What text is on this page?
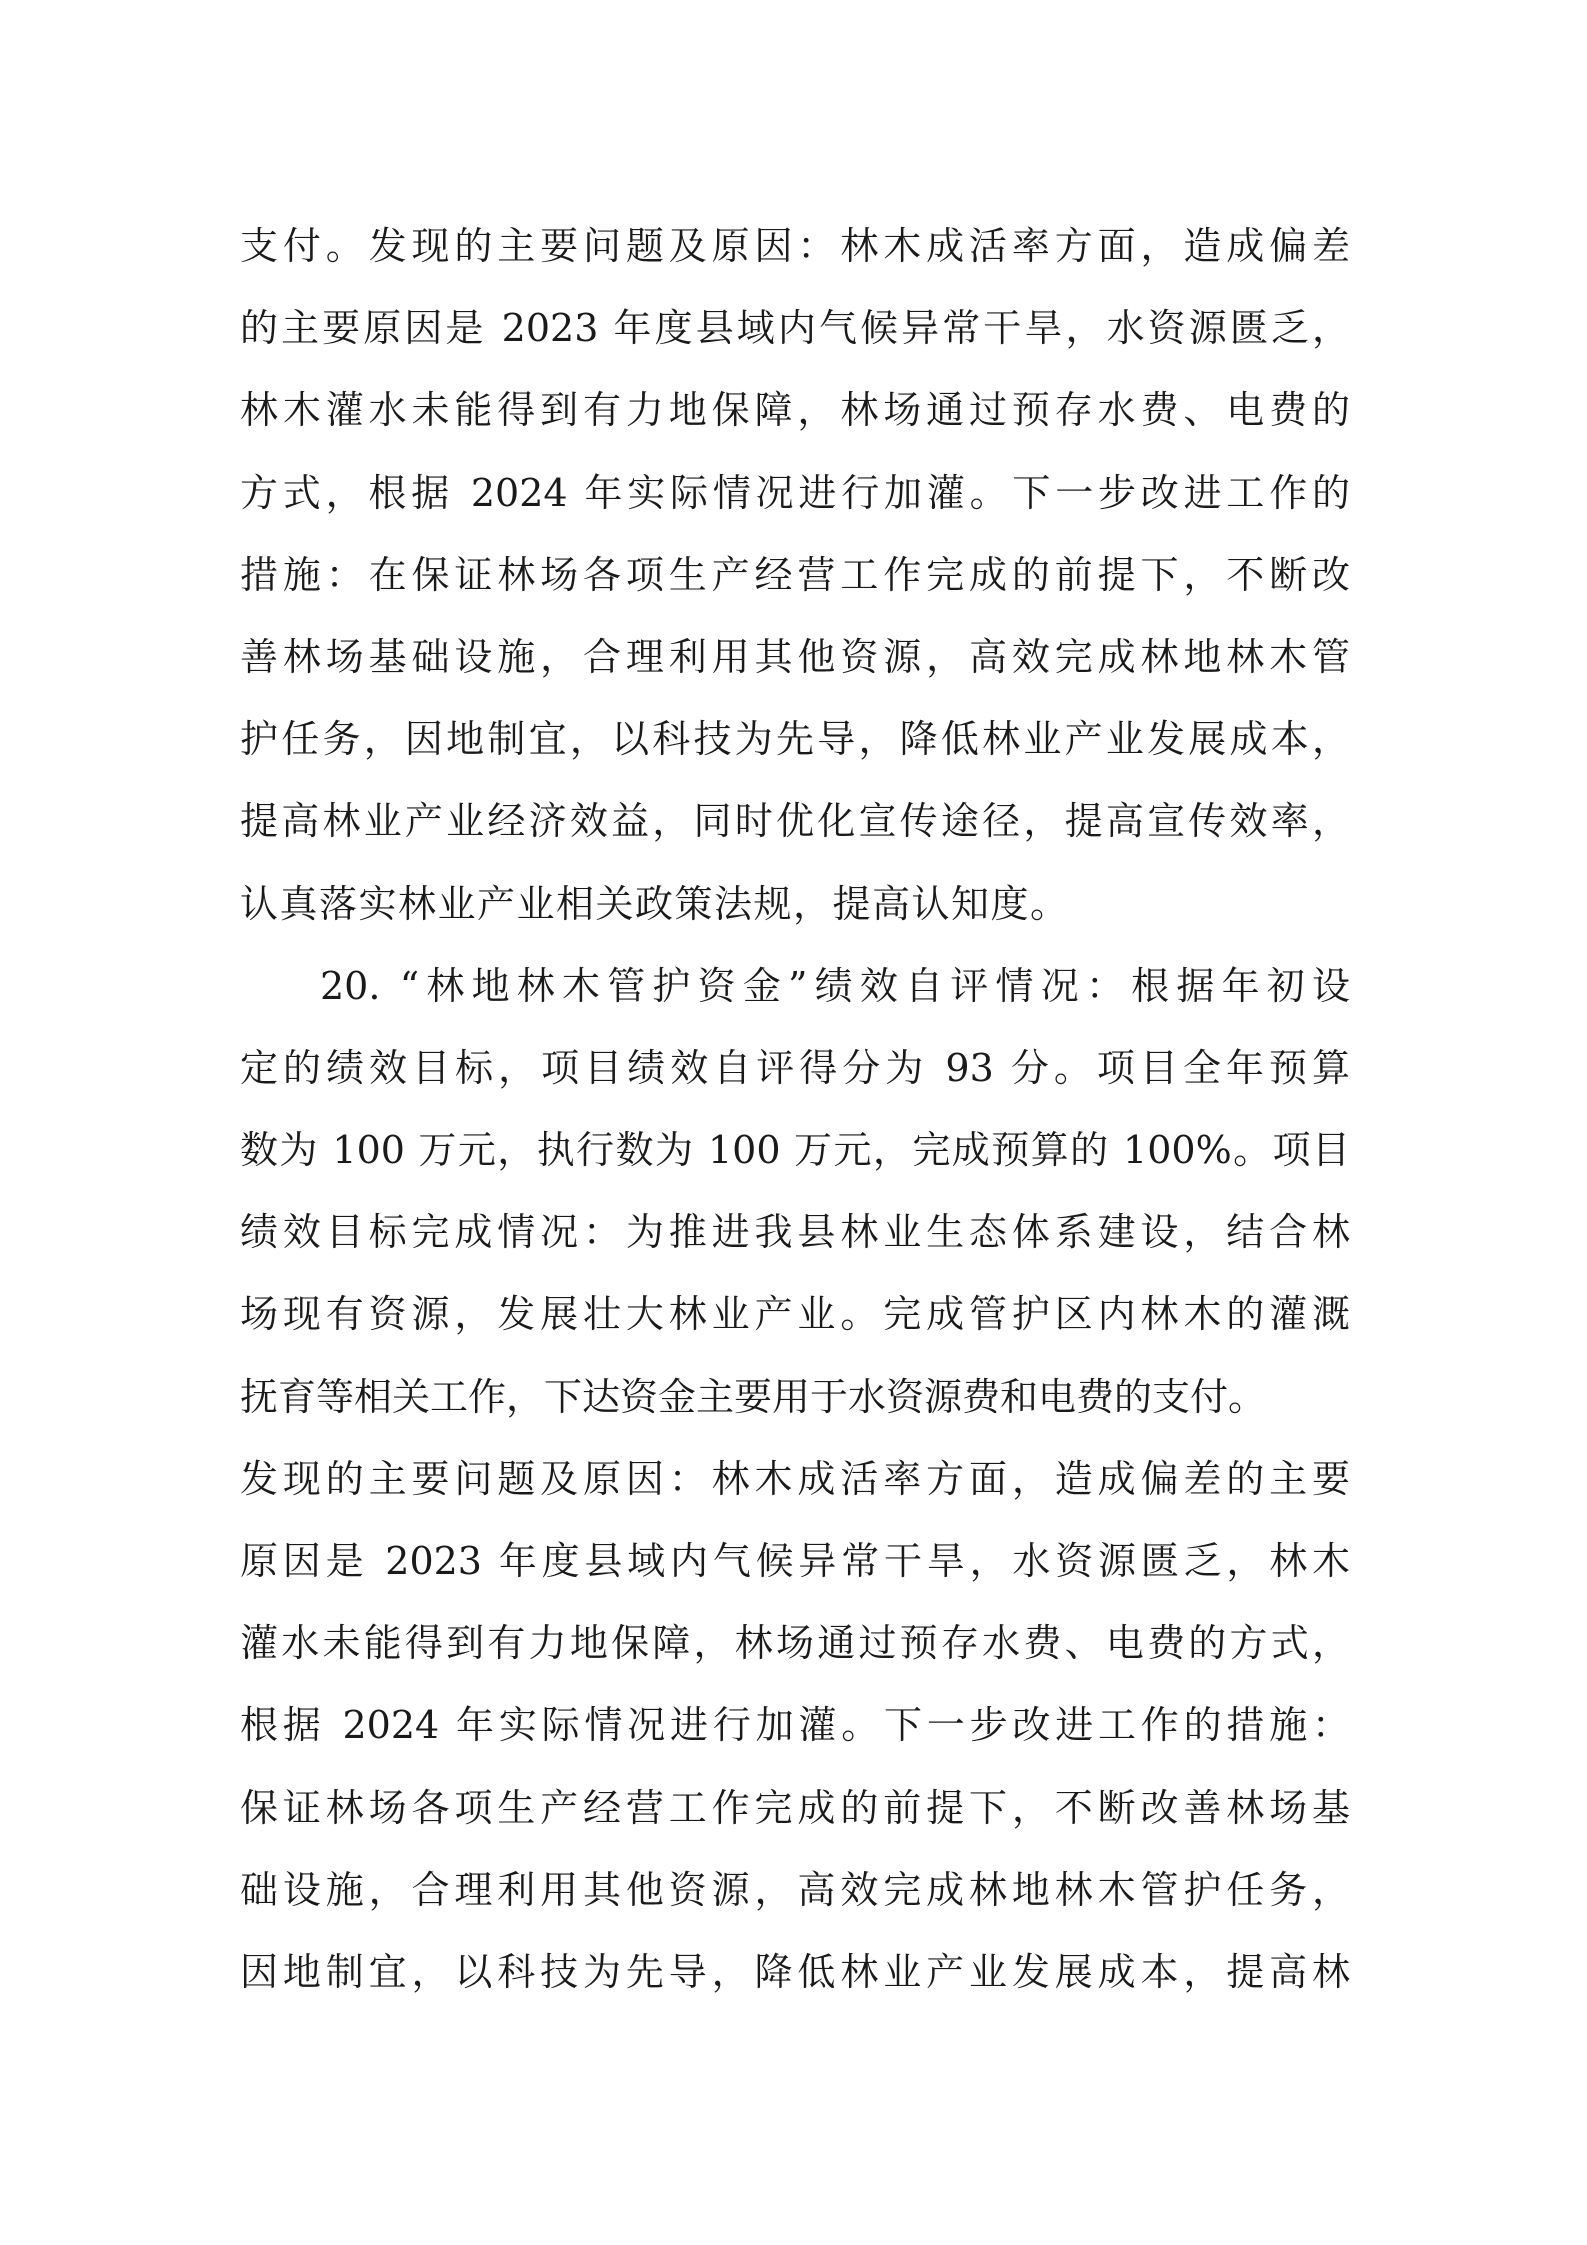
支付。发现的主要问题及原因：林木成活率方面，造成偏差
的主要原因是 2023 年度县域内气候异常干旱，水资源匮乏，
林木灌水未能得到有力地保障，林场通过预存水费、电费的
方式，根据 2024 年实际情况进行加灌。下一步改进工作的
措施：在保证林场各项生产经营工作完成的前提下，不断改
善林场基础设施，合理利用其他资源，高效完成林地林木管
护任务，因地制宜，以科技为先导，降低林业产业发展成本，
提高林业产业经济效益，同时优化宣传途径，提高宣传效率，
认真落实林业产业相关政策法规，提高认知度。
20. “林地林木管护资金”绩效自评情况：根据年初设
定的绩效目标，项目绩效自评得分为 93 分。项目全年预算
数为 100 万元，执行数为 100 万元，完成预算的 100%。项目
绩效目标完成情况：为推进我县林业生态体系建设，结合林
场现有资源，发展壮大林业产业。完成管护区内林木的灌溉
抚育等相关工作，下达资金主要用于水资源费和电费的支付。
发现的主要问题及原因：林木成活率方面，造成偏差的主要
原因是 2023 年度县域内气候异常干旱，水资源匮乏，林木
灌水未能得到有力地保障，林场通过预存水费、电费的方式，
根据 2024 年实际情况进行加灌。下一步改进工作的措施：
保证林场各项生产经营工作完成的前提下，不断改善林场基
础设施，合理利用其他资源，高效完成林地林木管护任务，
因地制宜，以科技为先导，降低林业产业发展成本，提高林
